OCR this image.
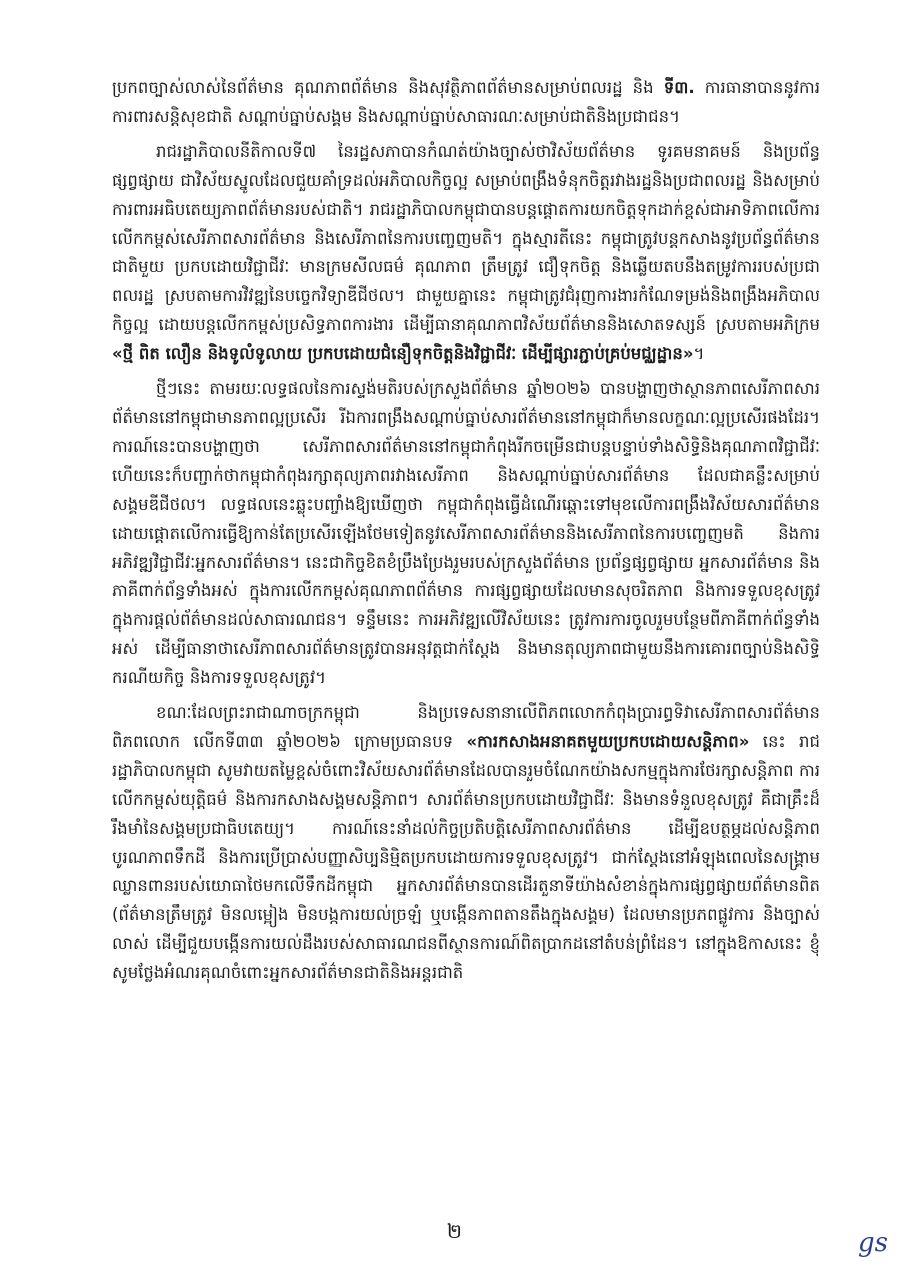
ប្រកពច្បាស់លាស់នៃព័ត៌មាន គុណភាពព័ត៌មាន និងសុវត្ថិភាពព័ត៌មានសម្រាប់ពលរដ្ឋ និង ទី៣. ការធានាបាននូវការការពារសន្តិសុខជាតិ សណ្តាប់ធ្នាប់សង្គម និងសណ្តាប់ធ្នាប់សាធារណៈសម្រាប់ជាតិនិងប្រជាជន។

រាជរដ្ឋាភិបាលនីតិកាលទី៧ នៃរដ្ឋសភាបានកំណត់យ៉ាងច្បាស់ថាវិស័យព័ត៌មាន ទូរគមនាគមន៍ និងប្រព័ន្ធផ្សព្វផ្សាយ ជាវិស័យស្នូលដែលជួយគាំទ្រដល់អភិបាលកិច្ចល្អ សម្រាប់ពង្រឹងទំនុកចិត្តរវាងរដ្ឋនិងប្រជាពលរដ្ឋ និងសម្រាប់ការពារអធិបតេយ្យភាពព័ត៌មានរបស់ជាតិ។ រាជរដ្ឋាភិបាលកម្ពុជាបានបន្តផ្តោតការយកចិត្តទុកដាក់ខ្ពស់ជាអាទិភាពលើការលើកកម្ពស់សេរីភាពសារព័ត៌មាន និងសេរីភាពនៃការបញ្ចេញមតិ។ ក្នុងស្មារតីនេះ កម្ពុជាត្រូវបន្តកសាងនូវប្រព័ន្ធព័ត៌មានជាតិមួយ ប្រកបដោយវិជ្ជាជីវៈ មានក្រមសីលធម៌ គុណភាព ត្រឹមត្រូវ ជឿទុកចិត្ត និងឆ្លើយតបនឹងតម្រូវការរបស់ប្រជាពលរដ្ឋ ស្របតាមការវិវឌ្ឍនៃបច្ចេកវិទ្យាឌីជីថល។ ជាមួយគ្នានេះ កម្ពុជាត្រូវជំរុញការងារកំណែទម្រង់និងពង្រឹងអភិបាលកិច្ចល្អ ដោយបន្តលើកកម្ពស់ប្រសិទ្ធភាពការងារ ដើម្បីធានាគុណភាពវិស័យព័ត៌មាននិងសោតទស្សន៍ ស្របតាមអភិក្រម «ថ្មី ពិត លឿន និងទូលំទូលាយ ប្រកបដោយជំនឿទុកចិត្តនិងវិជ្ជាជីវៈ ដើម្បីផ្សារភ្ជាប់គ្រប់មជ្ឈដ្ឋាន»។

ថ្មីៗនេះ តាមរយៈលទ្ធផលនៃការស្ទង់មតិរបស់ក្រសួងព័ត៌មាន ឆ្នាំ២០២៦ បានបង្ហាញថាស្ថានភាពសេរីភាពសារព័ត៌មាននៅកម្ពុជាមានភាពល្អប្រសើរ រីឯការពង្រឹងសណ្តាប់ធ្នាប់សារព័ត៌មាននៅកម្ពុជាក៏មានលក្ខណៈល្អប្រសើរផងដែរ។ ការណ៍នេះបានបង្ហាញថា សេរីភាពសារព័ត៌មាននៅកម្ពុជាកំពុងរីកចម្រើនជាបន្តបន្ទាប់ទាំងសិទ្ធិនិងគុណភាពវិជ្ជាជីវៈ ហើយនេះក៏បញ្ជាក់ថាកម្ពុជាកំពុងរក្សាតុល្យភាពរវាងសេរីភាព និងសណ្តាប់ធ្នាប់សារព័ត៌មាន ដែលជាគន្លឹះសម្រាប់សង្គមឌីជីថល។ លទ្ធផលនេះឆ្លុះបញ្ចាំងឱ្យឃើញថា កម្ពុជាកំពុងធ្វើដំណើរឆ្ពោះទៅមុខលើការពង្រឹងវិស័យសារព័ត៌មាន ដោយផ្តោតលើការធ្វើឱ្យកាន់តែប្រសើរឡើងថែមទៀតនូវសេរីភាពសារព័ត៌មាននិងសេរីភាពនៃការបញ្ចេញមតិ និងការអភិវឌ្ឍវិជ្ជាជីវៈអ្នកសារព័ត៌មាន។ នេះជាកិច្ចខិតខំប្រឹងប្រែងរួមរបស់ក្រសួងព័ត៌មាន ប្រព័ន្ធផ្សព្វផ្សាយ អ្នកសារព័ត៌មាន និងភាគីពាក់ព័ន្ធទាំងអស់ ក្នុងការលើកកម្ពស់គុណភាពព័ត៌មាន ការផ្សព្វផ្សាយដែលមានសុចរិតភាព និងការទទួលខុសត្រូវក្នុងការផ្តល់ព័ត៌មានដល់សាធារណជន។ ទន្ទឹមនេះ ការអភិវឌ្ឍលើវិស័យនេះ ត្រូវការការចូលរួមបន្ថែមពីភាគីពាក់ព័ន្ធទាំងអស់ ដើម្បីធានាថាសេរីភាពសារព័ត៌មានត្រូវបានអនុវត្តជាក់ស្តែង និងមានតុល្យភាពជាមួយនឹងការគោរពច្បាប់និងសិទ្ធិ ករណីយកិច្ច និងការទទួលខុសត្រូវ។

ខណៈដែលព្រះរាជាណាចក្រកម្ពុជា និងប្រទេសនានាលើពិភពលោកកំពុងប្រារព្ធទិវាសេរីភាពសារព័ត៌មានពិភពលោក លើកទី៣៣ ឆ្នាំ២០២៦ ក្រោមប្រធានបទ «ការកសាងអនាគតមួយប្រកបដោយសន្តិភាព» នេះ រាជរដ្ឋាភិបាលកម្ពុជា សូមវាយតម្លៃខ្ពស់ចំពោះវិស័យសារព័ត៌មានដែលបានរួមចំណែកយ៉ាងសកម្មក្នុងការថែរក្សាសន្តិភាព ការលើកកម្ពស់យុត្តិធម៌ និងការកសាងសង្គមសន្តិភាព។ សារព័ត៌មានប្រកបដោយវិជ្ជាជីវៈ និងមានទំនួលខុសត្រូវ គឺជាគ្រឹះដ៏រឹងមាំនៃសង្គមប្រជាធិបតេយ្យ។ ការណ៍នេះនាំដល់កិច្ចប្រតិបត្តិសេរីភាពសារព័ត៌មាន ដើម្បីឧបត្ថម្ភដល់សន្តិភាព បូរណភាពទឹកដី និងការប្រើប្រាស់បញ្ញាសិប្បនិម្មិតប្រកបដោយការទទួលខុសត្រូវ។ ជាក់ស្តែងនៅអំឡុងពេលនៃសង្គ្រាមឈ្លានពានរបស់យោធាថៃមកលើទឹកដីកម្ពុជា អ្នកសារព័ត៌មានបានដើរតួនាទីយ៉ាងសំខាន់ក្នុងការផ្សព្វផ្សាយព័ត៌មានពិត (ព័ត៌មានត្រឹមត្រូវ មិនលម្អៀង មិនបង្កការយល់ច្រឡំ ឬបង្កើនភាពតានតឹងក្នុងសង្គម) ដែលមានប្រភពផ្លូវការ និងច្បាស់លាស់ ដើម្បីជួយបង្កើនការយល់ដឹងរបស់សាធារណជនពីស្ថានការណ៍ពិតប្រាកដនៅតំបន់ព្រំដែន។ នៅក្នុងឱកាសនេះ ខ្ញុំសូមថ្លែងអំណរគុណចំពោះអ្នកសារព័ត៌មានជាតិនិងអន្តរជាតិ

២	gs
